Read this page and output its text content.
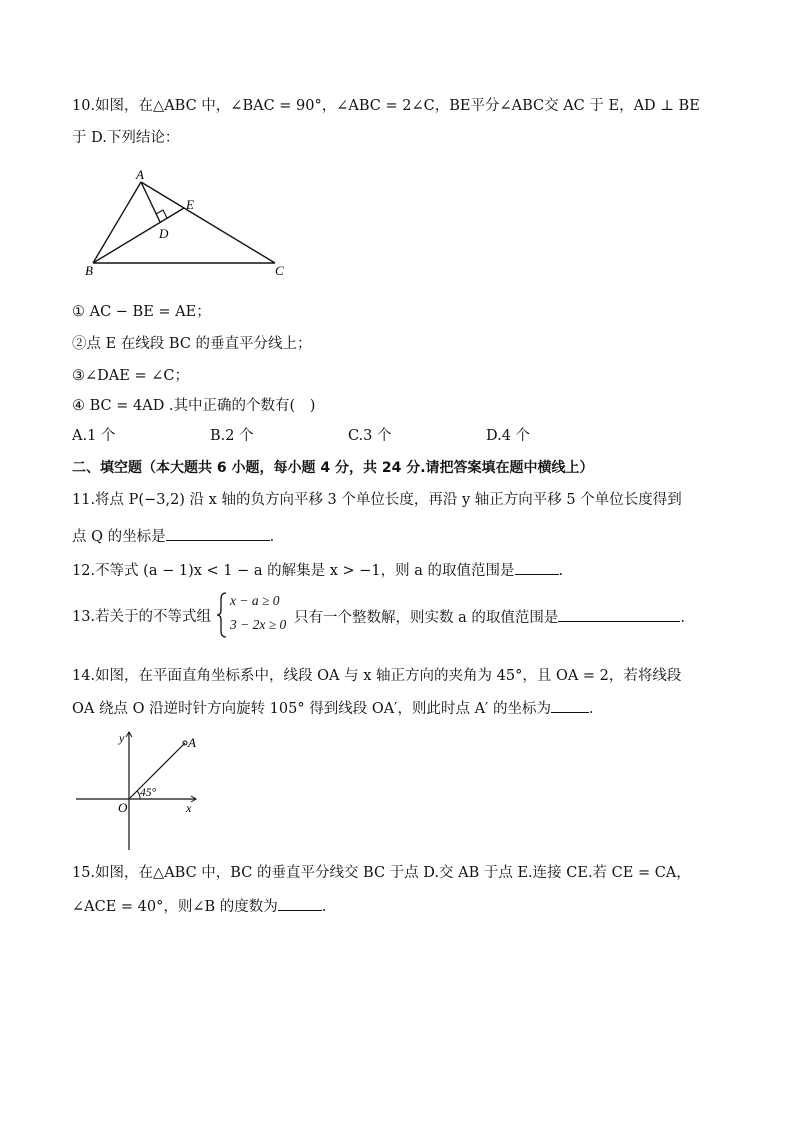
10.如图，在△ABC 中，∠BAC = 90°，∠ABC = 2∠C，BE平分∠ABC交 AC 于 E，AD ⊥ BE
于 D.下列结论：
A
B	C
D
E
① AC − BE = AE；
②点 E 在线段 BC 的垂直平分线上；
③∠DAE = ∠C；
④ BC = 4AD .其中正确的个数有(　)
A.1 个	B.2 个	C.3 个	D.4 个
二、填空题（本大题共 6 小题，每小题 4 分，共 24 分.请把答案填在题中横线上）
11.将点 P(−3,2) 沿 x 轴的负方向平移 3 个单位长度，再沿 y 轴正方向平移 5 个单位长度得到
点 Q 的坐标是	.
12.不等式 (a − 1)x < 1 − a 的解集是 x > −1，则 a 的取值范围是	.
13.若关于的不等式组
x − a ≥ 0
3 − 2x ≥ 0 只有一个整数解，则实数 a 的取值范围是	.
14.如图，在平面直角坐标系中，线段 OA 与 x 轴正方向的夹角为 45°，且 OA = 2，若将线段
OA 绕点 O 沿逆时针方向旋转 105° 得到线段 OA′，则此时点 A′ 的坐标为	.
y
x
O
A
45°
15.如图，在△ABC 中，BC 的垂直平分线交 BC 于点 D.交 AB 于点 E.连接 CE.若 CE = CA，
∠ACE = 40°，则∠B 的度数为	.
